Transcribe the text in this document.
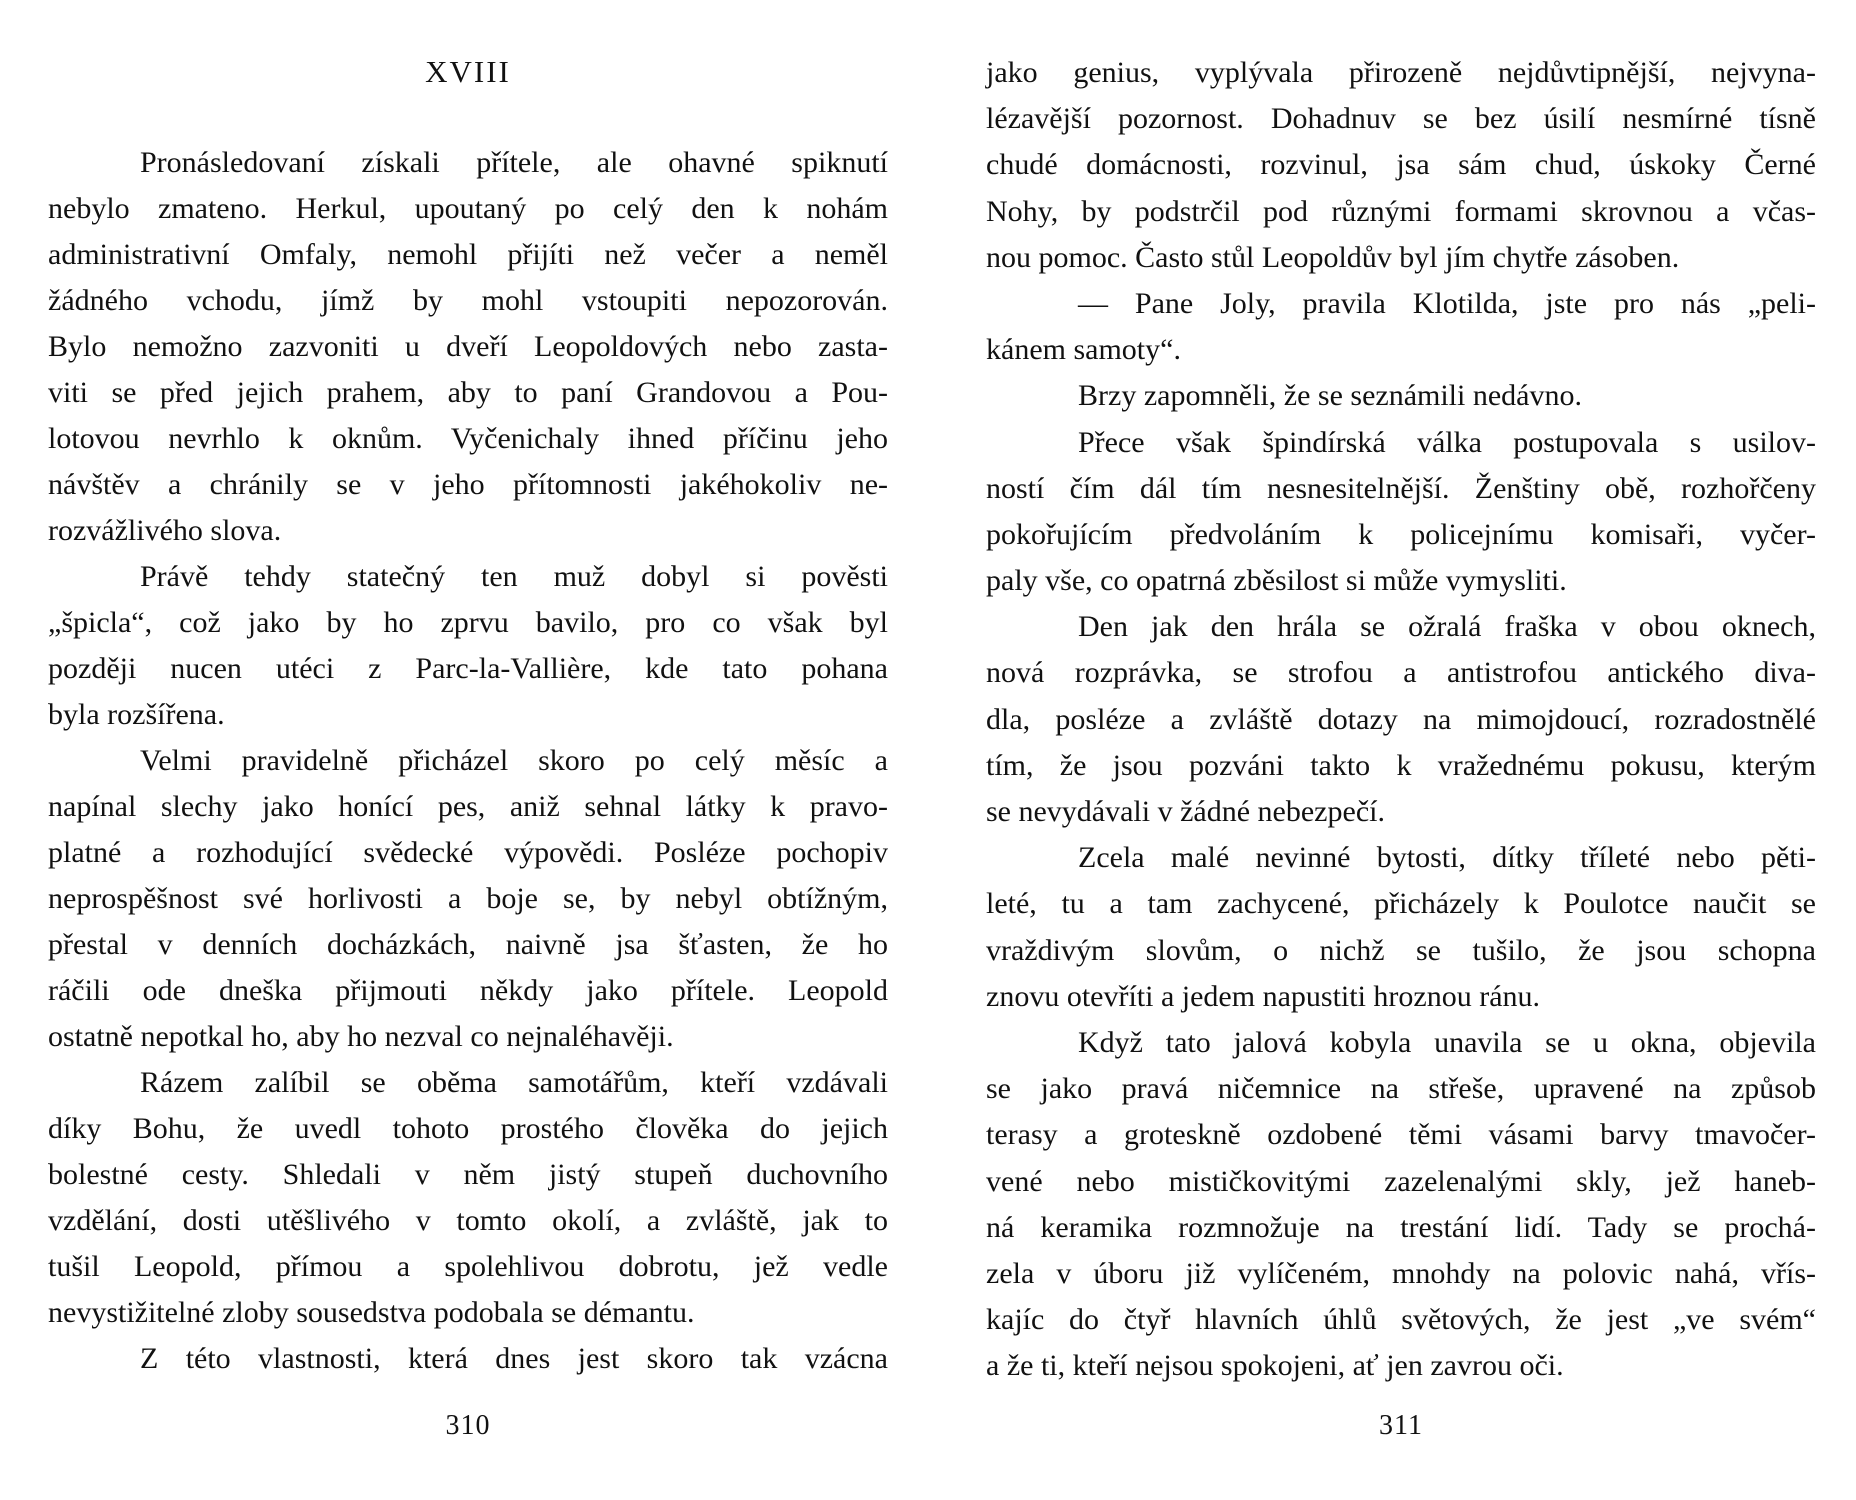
XVIII
Pronásledovaní získali přítele, ale ohavné spiknutí
nebylo zmateno. Herkul, upoutaný po celý den k nohám
administrativní Omfaly, nemohl přijíti než večer a neměl
žádného vchodu, jímž by mohl vstoupiti nepozorován.
Bylo nemožno zazvoniti u dveří Leopoldových nebo zasta-
viti se před jejich prahem, aby to paní Grandovou a Pou-
lotovou nevrhlo k oknům. Vyčenichaly ihned příčinu jeho
návštěv a chránily se v jeho přítomnosti jakéhokoliv ne-
rozvážlivého slova.
Právě tehdy statečný ten muž dobyl si pověsti
„špicla“, což jako by ho zprvu bavilo, pro co však byl
později nucen utéci z Parc-la-Vallière, kde tato pohana
byla rozšířena.
Velmi pravidelně přicházel skoro po celý měsíc a
napínal slechy jako honící pes, aniž sehnal látky k pravo-
platné a rozhodující svědecké výpovědi. Posléze pochopiv
neprospěšnost své horlivosti a boje se, by nebyl obtížným,
přestal v denních docházkách, naivně jsa šťasten, že ho
ráčili ode dneška přijmouti někdy jako přítele. Leopold
ostatně nepotkal ho, aby ho nezval co nejnaléhavěji.
Rázem zalíbil se oběma samotářům, kteří vzdávali
díky Bohu, že uvedl tohoto prostého člověka do jejich
bolestné cesty. Shledali v něm jistý stupeň duchovního
vzdělání, dosti utěšlivého v tomto okolí, a zvláště, jak to
tušil Leopold, přímou a spolehlivou dobrotu, jež vedle
nevystižitelné zloby sousedstva podobala se démantu.
Z této vlastnosti, která dnes jest skoro tak vzácna
310
jako genius, vyplývala přirozeně nejdůvtipnější, nejvyna-
lézavější pozornost. Dohadnuv se bez úsilí nesmírné tísně
chudé domácnosti, rozvinul, jsa sám chud, úskoky Černé
Nohy, by podstrčil pod různými formami skrovnou a včas-
nou pomoc. Často stůl Leopoldův byl jím chytře zásoben.
— Pane Joly, pravila Klotilda, jste pro nás „peli-
kánem samoty“.
Brzy zapomněli, že se seznámili nedávno.
Přece však špindírská válka postupovala s usilov-
ností čím dál tím nesnesitelnější. Ženštiny obě, rozhořčeny
pokořujícím předvoláním k policejnímu komisaři, vyčer-
paly vše, co opatrná zběsilost si může vymysliti.
Den jak den hrála se ožralá fraška v obou oknech,
nová rozprávka, se strofou a antistrofou antického diva-
dla, posléze a zvláště dotazy na mimojdoucí, rozradostnělé
tím, že jsou pozváni takto k vražednému pokusu, kterým
se nevydávali v žádné nebezpečí.
Zcela malé nevinné bytosti, dítky tříleté nebo pěti-
leté, tu a tam zachycené, přicházely k Poulotce naučit se
vraždivým slovům, o nichž se tušilo, že jsou schopna
znovu otevříti a jedem napustiti hroznou ránu.
Když tato jalová kobyla unavila se u okna, objevila
se jako pravá ničemnice na střeše, upravené na způsob
terasy a groteskně ozdobené těmi vásami barvy tmavočer-
vené nebo mističkovitými zazelenalými skly, jež haneb-
ná keramika rozmnožuje na trestání lidí. Tady se prochá-
zela v úboru již vylíčeném, mnohdy na polovic nahá, vřís-
kajíc do čtyř hlavních úhlů světových, že jest „ve svém“
a že ti, kteří nejsou spokojeni, ať jen zavrou oči.
311
